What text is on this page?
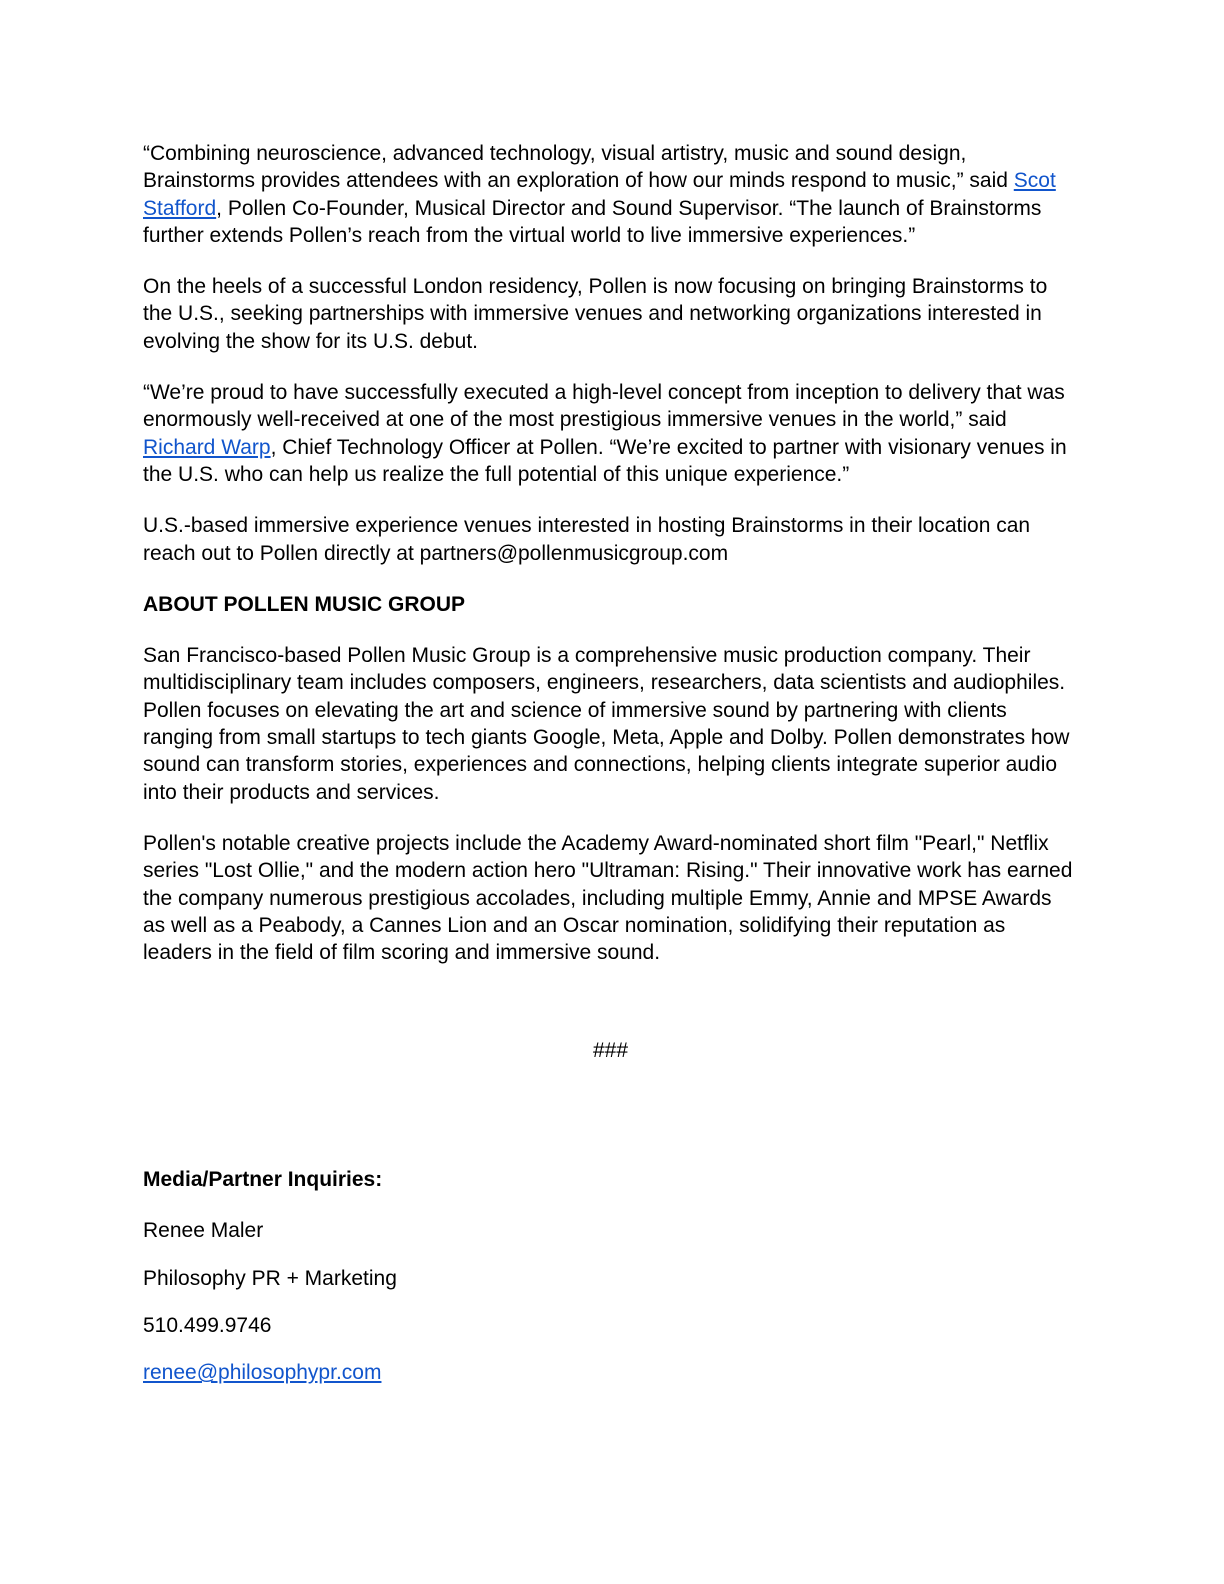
“Combining neuroscience, advanced technology, visual artistry, music and sound design, Brainstorms provides attendees with an exploration of how our minds respond to music,” said Scot Stafford, Pollen Co-Founder, Musical Director and Sound Supervisor. “The launch of Brainstorms further extends Pollen’s reach from the virtual world to live immersive experiences.”

On the heels of a successful London residency, Pollen is now focusing on bringing Brainstorms to the U.S., seeking partnerships with immersive venues and networking organizations interested in evolving the show for its U.S. debut.

“We’re proud to have successfully executed a high-level concept from inception to delivery that was enormously well-received at one of the most prestigious immersive venues in the world,” said Richard Warp, Chief Technology Officer at Pollen. “We’re excited to partner with visionary venues in the U.S. who can help us realize the full potential of this unique experience.”

U.S.-based immersive experience venues interested in hosting Brainstorms in their location can reach out to Pollen directly at partners@pollenmusicgroup.com

ABOUT POLLEN MUSIC GROUP

San Francisco-based Pollen Music Group is a comprehensive music production company. Their multidisciplinary team includes composers, engineers, researchers, data scientists and audiophiles. Pollen focuses on elevating the art and science of immersive sound by partnering with clients ranging from small startups to tech giants Google, Meta, Apple and Dolby. Pollen demonstrates how sound can transform stories, experiences and connections, helping clients integrate superior audio into their products and services.

Pollen's notable creative projects include the Academy Award-nominated short film "Pearl," Netflix series "Lost Ollie," and the modern action hero "Ultraman: Rising." Their innovative work has earned the company numerous prestigious accolades, including multiple Emmy, Annie and MPSE Awards as well as a Peabody, a Cannes Lion and an Oscar nomination, solidifying their reputation as leaders in the field of film scoring and immersive sound.

###

Media/Partner Inquiries:

Renee Maler

Philosophy PR + Marketing

510.499.9746

renee@philosophypr.com
